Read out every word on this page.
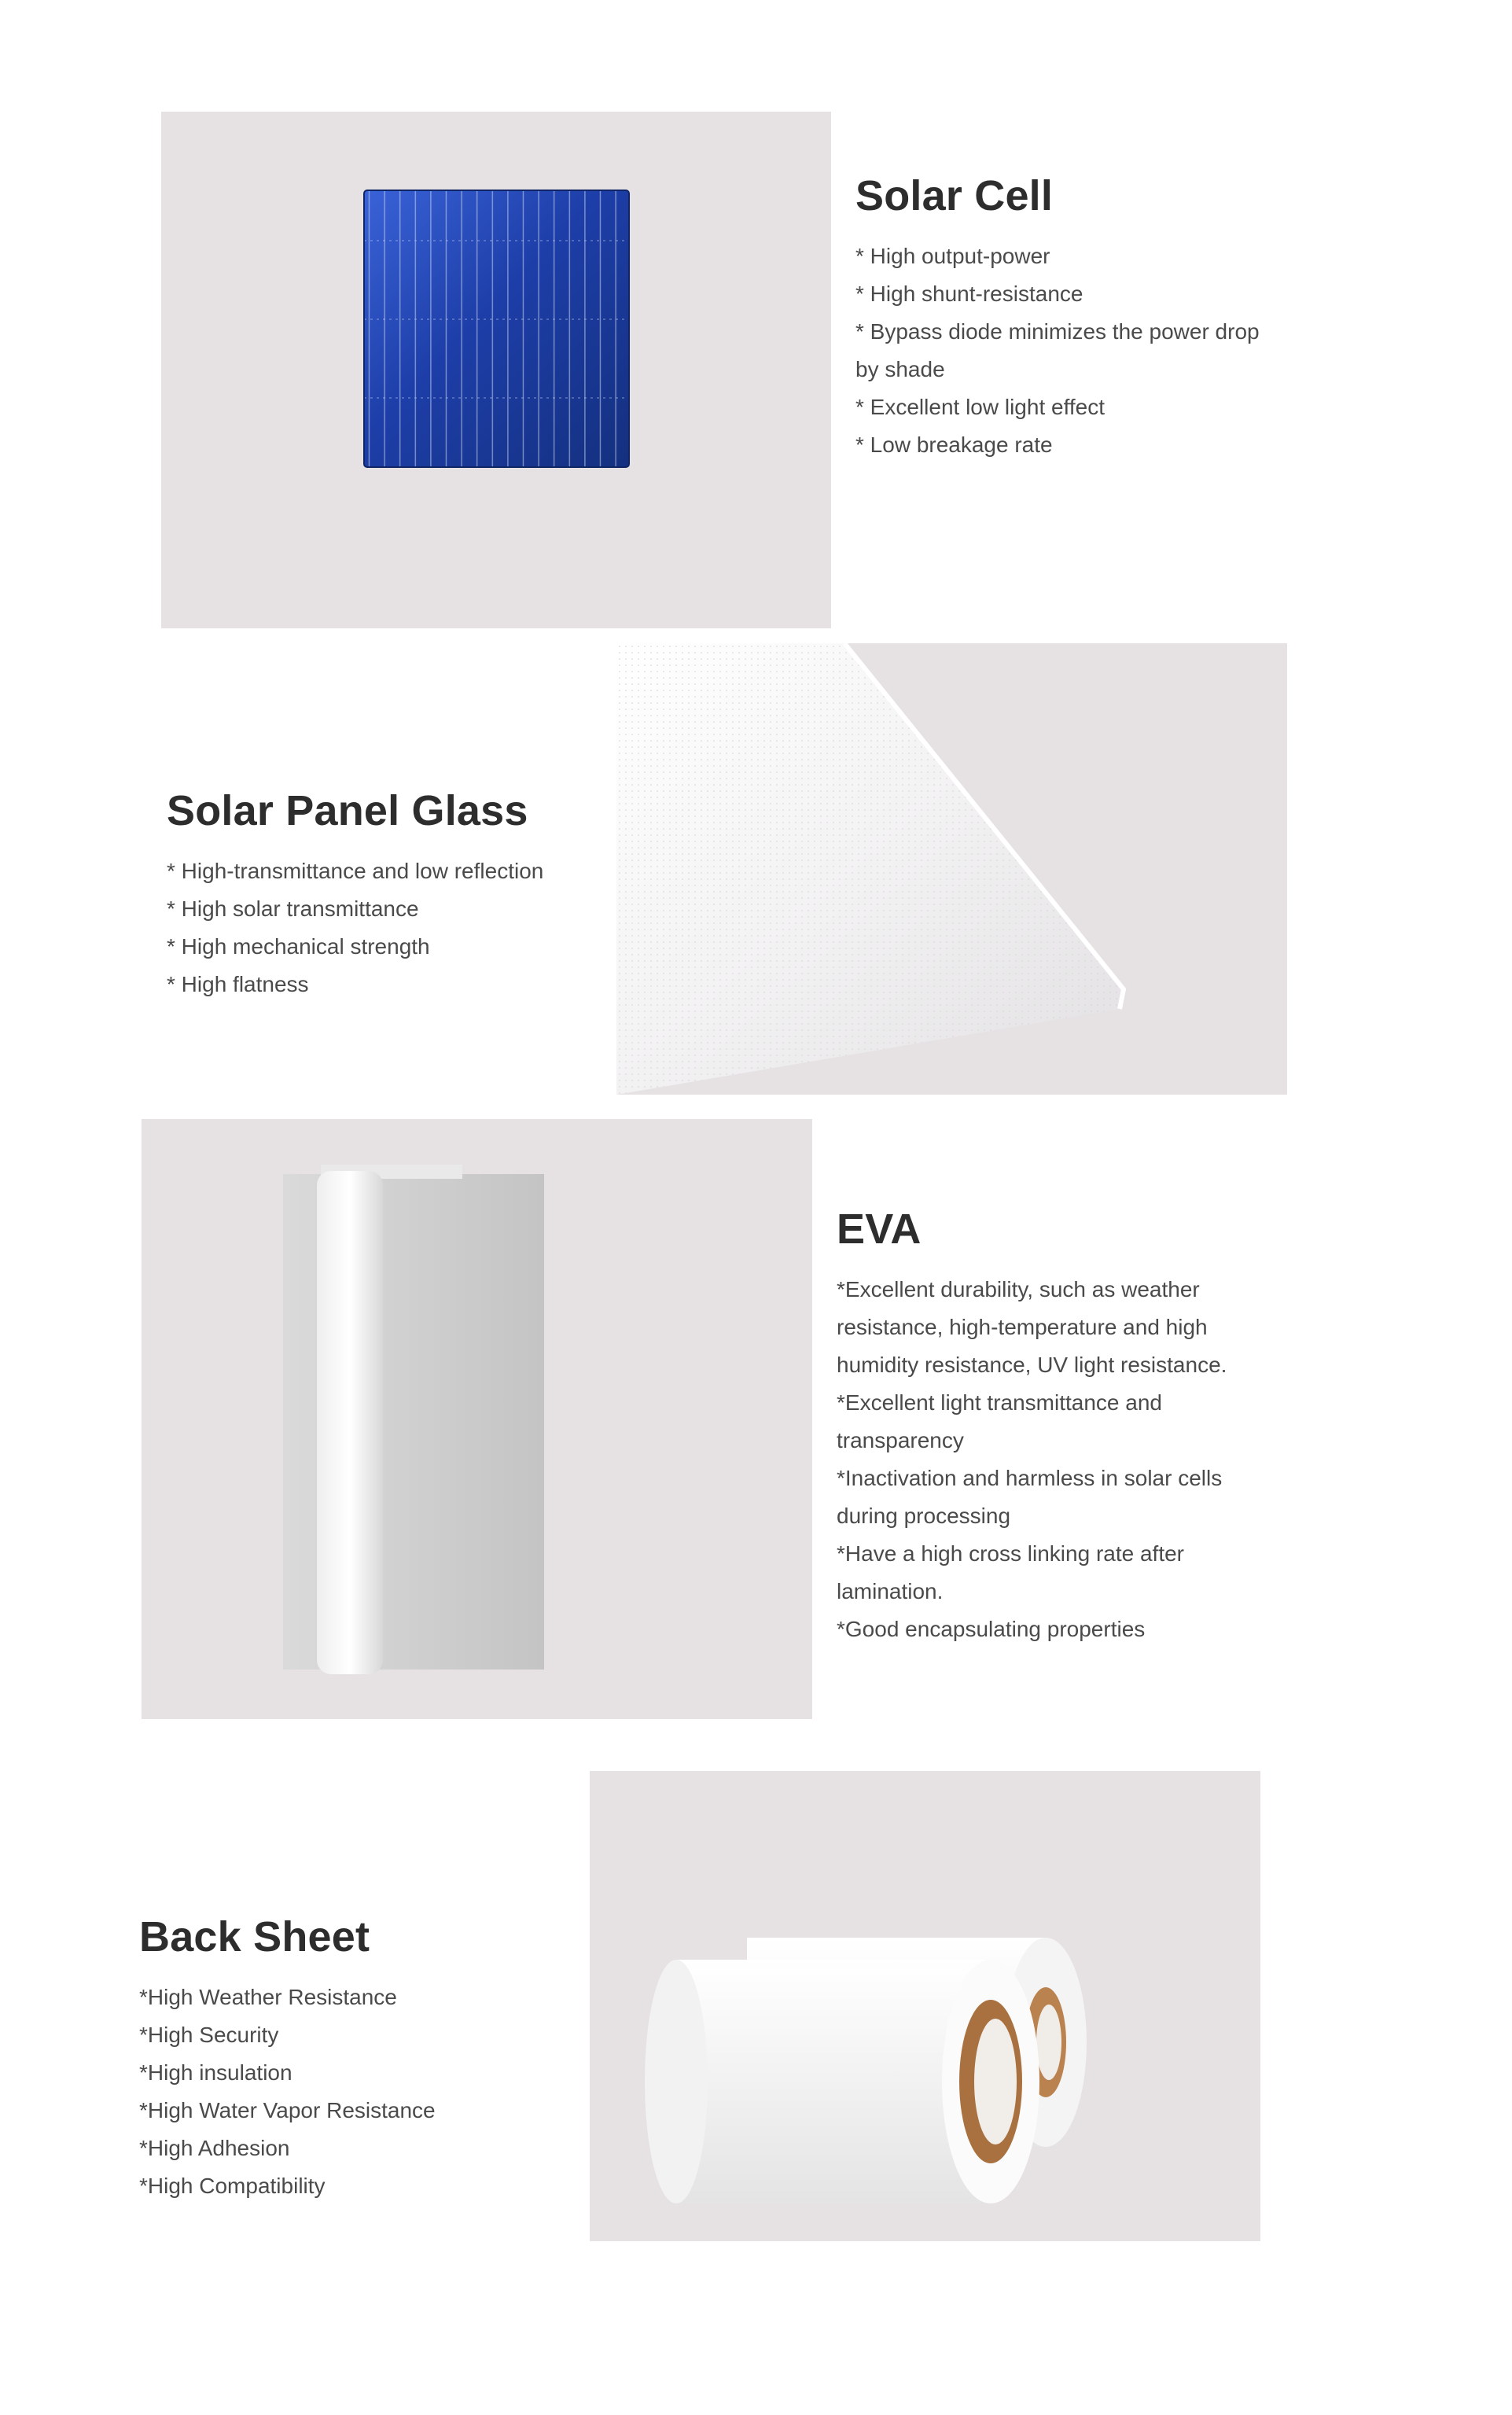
Solar Cell
* High output-power
* High shunt-resistance
* Bypass diode minimizes the power drop
by shade
* Excellent low light effect
* Low breakage rate
Solar Panel Glass
* High-transmittance and low reflection
* High solar transmittance
* High mechanical strength
* High flatness
EVA
*Excellent durability, such as weather
resistance, high-temperature and high
humidity resistance, UV light resistance.
*Excellent light transmittance and
transparency
*Inactivation and harmless in solar cells
during processing
*Have a high cross linking rate after
lamination.
*Good encapsulating properties
Back Sheet
*High Weather Resistance
*High Security
*High insulation
*High Water Vapor Resistance
*High Adhesion
*High Compatibility
